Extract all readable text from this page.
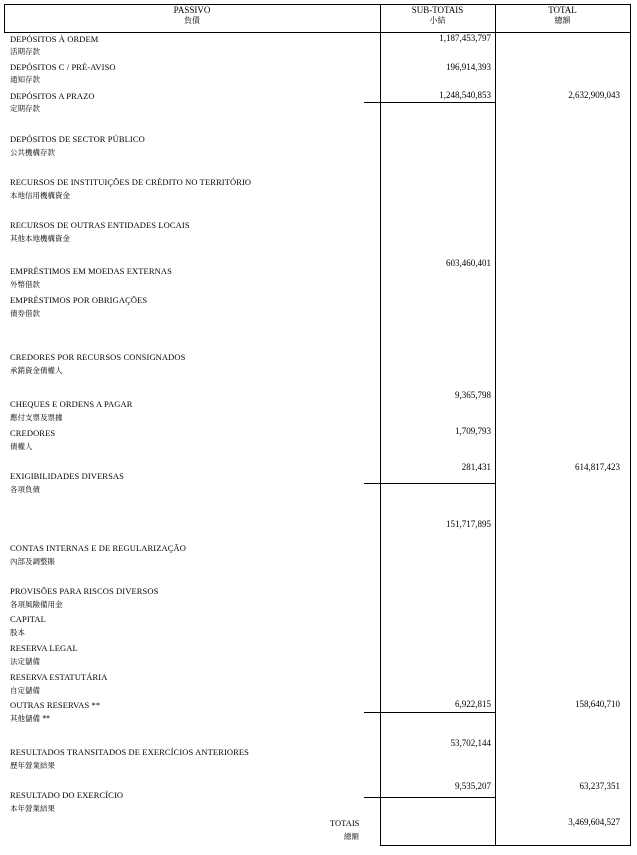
PASSIVO
負債
SUB-TOTAIS
小結
TOTAL
總額
DEPÓSITOS À ORDEM
活期存款
DEPÓSITOS C / PRÉ-AVISO
通知存款
DEPÓSITOS A PRAZO
定期存款
DEPÓSITOS DE SECTOR PÚBLICO
公共機構存款
RECURSOS DE INSTITUIÇÕES DE CRÉDITO NO TERRITÓRIO
本地信用機構資金
RECURSOS DE OUTRAS ENTIDADES LOCAIS
其他本地機構資金
EMPRÉSTIMOS EM MOEDAS EXTERNAS
外幣借款
EMPRÉSTIMOS POR OBRIGAÇÕES
債券借款
CREDORES POR RECURSOS CONSIGNADOS
承銷資金債權人
CHEQUES E ORDENS A PAGAR
應付支票及票據
CREDORES
債權人
EXIGIBILIDADES DIVERSAS
各項負債
CONTAS INTERNAS E DE REGULARIZAÇÃO
內部及調整賬
PROVISÕES PARA RISCOS DIVERSOS
各項風險備用金
CAPITAL
股本
RESERVA LEGAL
法定儲備
RESERVA ESTATUTÁRIA
自定儲備
OUTRAS RESERVAS **
其他儲備 **
RESULTADOS TRANSITADOS DE EXERCÍCIOS ANTERIORES
歷年營業結果
RESULTADO DO EXERCÍCIO
本年營業結果
1,187,453,797
196,914,393
1,248,540,853
603,460,401
9,365,798
1,709,793
281,431
151,717,895
6,922,815
53,702,144
9,535,207
2,632,909,043
614,817,423
158,640,710
63,237,351
3,469,604,527
TOTAIS
總額
